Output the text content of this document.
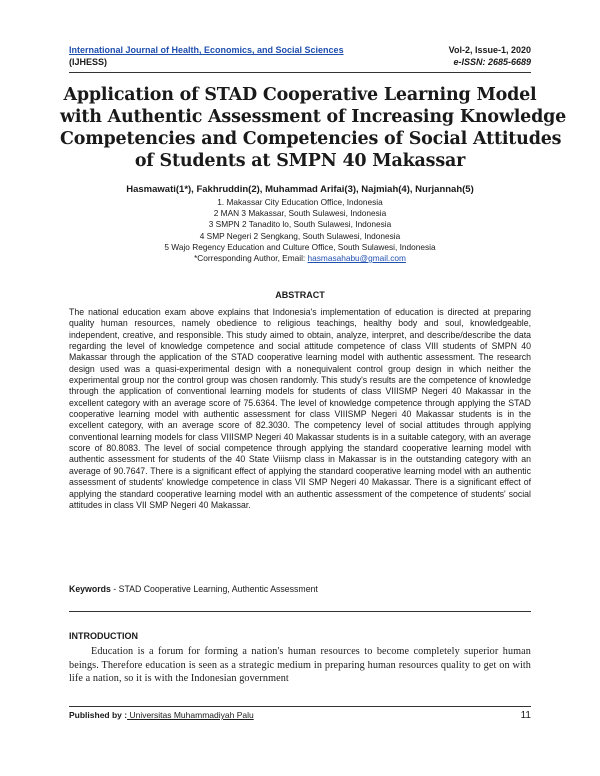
International Journal of Health, Economics, and Social Sciences	Vol-2, Issue-1, 2020
(IJHESS)	e-ISSN: 2685-6689
Application of STAD Cooperative Learning Model
with Authentic Assessment of Increasing Knowledge
Competencies and Competencies of Social Attitudes
of Students at SMPN 40 Makassar
Hasmawati(1*), Fakhruddin(2), Muhammad Arifai(3), Najmiah(4), Nurjannah(5)
1. Makassar City Education Office, Indonesia
2 MAN 3 Makassar, South Sulawesi, Indonesia
3 SMPN 2 Tanadito lo, South Sulawesi, Indonesia
4 SMP Negeri 2 Sengkang, South Sulawesi, Indonesia
5 Wajo Regency Education and Culture Office, South Sulawesi, Indonesia
*Corresponding Author, Email: hasmasahabu@gmail.com
ABSTRACT
The national education exam above explains that Indonesia's implementation of education is directed at preparing quality human resources, namely obedience to religious teachings, healthy body and soul, knowledgeable, independent, creative, and responsible. This study aimed to obtain, analyze, interpret, and describe/describe the data regarding the level of knowledge competence and social attitude competence of class VIII students of SMPN 40 Makassar through the application of the STAD cooperative learning model with authentic assessment. The research design used was a quasi-experimental design with a nonequivalent control group design in which neither the experimental group nor the control group was chosen randomly. This study's results are the competence of knowledge through the application of conventional learning models for students of class VIIISMP Negeri 40 Makassar in the excellent category with an average score of 75.6364. The level of knowledge competence through applying the STAD cooperative learning model with authentic assessment for class VIIISMP Negeri 40 Makassar students is in the excellent category, with an average score of 82.3030. The competency level of social attitudes through applying conventional learning models for class VIIISMP Negeri 40 Makassar students is in a suitable category, with an average score of 80.8083. The level of social competence through applying the standard cooperative learning model with authentic assessment for students of the 40 State Viiismp class in Makassar is in the outstanding category with an average of 90.7647. There is a significant effect of applying the standard cooperative learning model with an authentic assessment of students' knowledge competence in class VII SMP Negeri 40 Makassar. There is a significant effect of applying the standard cooperative learning model with an authentic assessment of the competence of students' social attitudes in class VII SMP Negeri 40 Makassar.
Keywords - STAD Cooperative Learning, Authentic Assessment
INTRODUCTION
Education is a forum for forming a nation's human resources to become completely superior human beings. Therefore education is seen as a strategic medium in preparing human resources quality to get on with life a nation, so it is with the Indonesian government
Published by : Universitas Muhammadiyah Palu	11
